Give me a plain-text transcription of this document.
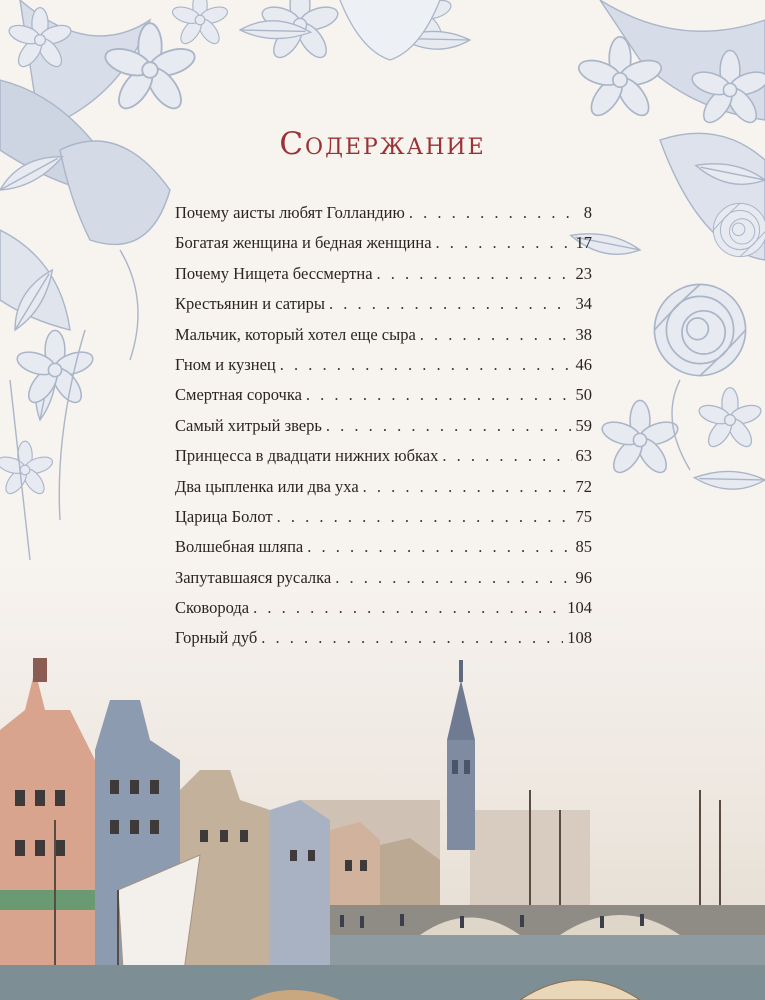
Содержание
Почему аисты любят Голландию . . .	8
Богатая женщина и бедная женщина . . .	17
Почему Нищета бессмертна . . .	23
Крестьянин и сатиры . . .	34
Мальчик, который хотел еще сыра . . .	38
Гном и кузнец . . .	46
Смертная сорочка . . .	50
Самый хитрый зверь . . .	59
Принцесса в двадцати нижних юбках . . .	63
Два цыпленка или два уха . . .	72
Царица Болот . . .	75
Волшебная шляпа . . .	85
Запутавшаяся русалка . . .	96
Сковорода . . .	104
Горный дуб . . .	108
